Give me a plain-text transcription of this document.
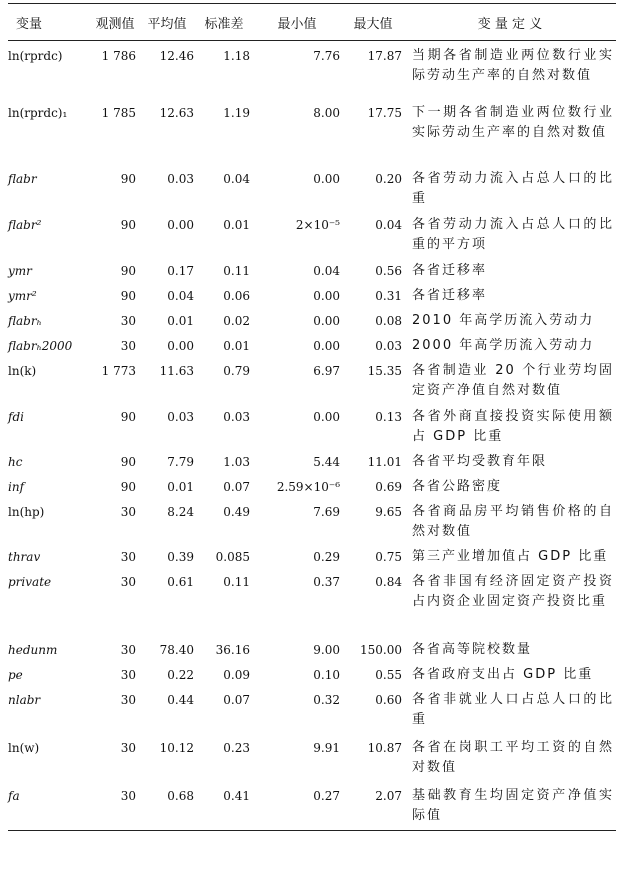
变量	观测值	平均值	标准差	最小值	最大值	变 量 定 义
ln(rprdc)	1 786	12.46	1.18	7.76	17.87	当期各省制造业两位数行业实际劳动生产率的自然对数值
ln(rprdc)₁	1 785	12.63	1.19	8.00	17.75	下一期各省制造业两位数行业实际劳动生产率的自然对数值
flabr	90	0.03	0.04	0.00	0.20	各省劳动力流入占总人口的比重
flabr²	90	0.00	0.01	2×10⁻⁵	0.04	各省劳动力流入占总人口的比重的平方项
ymr	90	0.17	0.11	0.04	0.56	各省迁移率
ymr²	90	0.04	0.06	0.00	0.31	各省迁移率
flabrₕ	30	0.01	0.02	0.00	0.08	2010 年高学历流入劳动力
flabrₕ2000	30	0.00	0.01	0.00	0.03	2000 年高学历流入劳动力
ln(k)	1 773	11.63	0.79	6.97	15.35	各省制造业 20 个行业劳均固定资产净值自然对数值
fdi	90	0.03	0.03	0.00	0.13	各省外商直接投资实际使用额占 GDP 比重
hc	90	7.79	1.03	5.44	11.01	各省平均受教育年限
inf	90	0.01	0.07	2.59×10⁻⁶	0.69	各省公路密度
ln(hp)	30	8.24	0.49	7.69	9.65	各省商品房平均销售价格的自然对数值
thrav	30	0.39	0.085	0.29	0.75	第三产业增加值占 GDP 比重
private	30	0.61	0.11	0.37	0.84	各省非国有经济固定资产投资占内资企业固定资产投资比重
hedunm	30	78.40	36.16	9.00	150.00	各省高等院校数量
pe	30	0.22	0.09	0.10	0.55	各省政府支出占 GDP 比重
nlabr	30	0.44	0.07	0.32	0.60	各省非就业人口占总人口的比重
ln(w)	30	10.12	0.23	9.91	10.87	各省在岗职工平均工资的自然对数值
fa	30	0.68	0.41	0.27	2.07	基础教育生均固定资产净值实际值
